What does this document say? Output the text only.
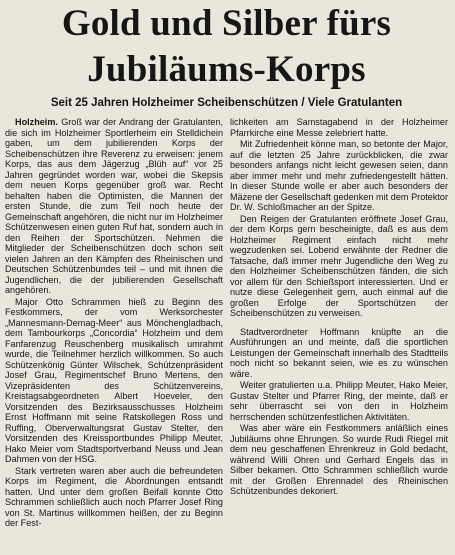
Gold und Silber fürs
Jubiläums-Korps
Seit 25 Jahren Holzheimer Scheibenschützen / Viele Gratulanten

Holzheim. Groß war der Andrang der Gratulanten, die sich im Holzheimer Sportlerheim ein Stelldichein gaben, um dem jubilierenden Korps der Scheibenschützen ihre Reverenz zu erweisen: jenem Korps, das aus dem Jägerzug „Blüh auf“ vor 25 Jahren gegründet worden war, wobei die Skepsis dem neuen Korps gegenüber groß war. Recht behalten haben die Optimisten, die Mannen der ersten Stunde, die zum Teil noch heute der Gemeinschaft angehören, die nicht nur im Holzheimer Schützenwesen einen guten Ruf hat, sondern auch in den Reihen der Sportschützen. Nehmen die Mitglieder der Scheibenschützen doch schon seit vielen Jahren an den Kämpfen des Rheinischen und Deutschen Schützenbundes teil – und mit ihnen die Jugendlichen, die der jubilierenden Gesellschaft angehören.

Major Otto Schrammen hieß zu Beginn des Festkommers, der vom Werksorchester „Mannesmann-Demag-Meer“ aus Mönchengladbach, dem Tambourkorps „Concordia“ Holzheim und dem Fanfarenzug Reuschenberg musikalisch umrahmt wurde, die Teilnehmer herzlich willkommen. So auch Schützenkönig Günter Wilschek, Schützenpräsident Josef Grau, Regimentschef Bruno Mertens, den Vizepräsidenten des Schützenvereins, Kreistagsabgeordneten Albert Hoeveler, den Vorsitzenden des Bezirksausschusses Holzheim Ernst Hoffmann mit seine Ratskollegen Ross und Ruffing, Oberverwaltungsrat Gustav Stelter, den Vorsitzenden des Kreissportbundes Philipp Meuter, Hako Meier vom Stadtsportverband Neuss und Jean Dahmen von der HSG.

Stark vertreten waren aber auch die befreundeten Korps im Regiment, die Abordnungen entsandt hatten. Und unter dem großen Beifall konnte Otto Schrammen schließlich auch noch Pfarrer Josef Ring von St. Martinus willkommen heißen, der zu Beginn der Fest-

lichkeiten am Samstagabend in der Holzheimer Pfarrkirche eine Messe zelebriert hatte.

Mit Zufriedenheit könne man, so betonte der Major, auf die letzten 25 Jahre zurückblicken, die zwar besonders anfangs nicht leicht gewesen seien, dann aber immer mehr und mehr zufriedengestellt hätten. In dieser Stunde wolle er aber auch besonders der Mäzene der Gesellschaft gedenken mit dem Protektor Dr. W. Schloßmacher an der Spitze.

Den Reigen der Gratulanten eröffnete Josef Grau, der dem Korps gern bescheinigte, daß es aus dem Holzheimer Regiment einfach nicht mehr wegzudenken sei. Lobend erwähnte der Redner die Tatsache, daß immer mehr Jugendliche den Weg zu den Holzheimer Scheibenschützen fänden, die sich vor allem für den Schießsport interessierten. Und er nutze diese Gelegenheit gern, auch einmal auf die großen Erfolge der Sportschützen der Scheibenschützen zu verweisen.

Stadtverordneter Hoffmann knüpfte an die Ausführungen an und meinte, daß die sportlichen Leistungen der Gemeinschaft innerhalb des Stadtteils noch nicht so bekannt seien, wie es zu wünschen wäre.

Weiter gratulierten u.a. Philipp Meuter, Hako Meier, Gustav Stelter und Pfarrer Ring, der meinte, daß er sehr überrascht sei von den in Holzheim herrschenden schützenfestlichen Aktivitäten.

Was aber wäre ein Festkommers anläßlich eines Jubiläums ohne Ehrungen. So wurde Rudi Riegel mit dem neu geschaffenen Ehrenkreuz in Gold bedacht, während Willi Ohren und Gerhard Engels das in Silber bekamen. Otto Schrammen schließlich wurde mit der Großen Ehrennadel des Rheinischen Schützenbundes dekoriert.
